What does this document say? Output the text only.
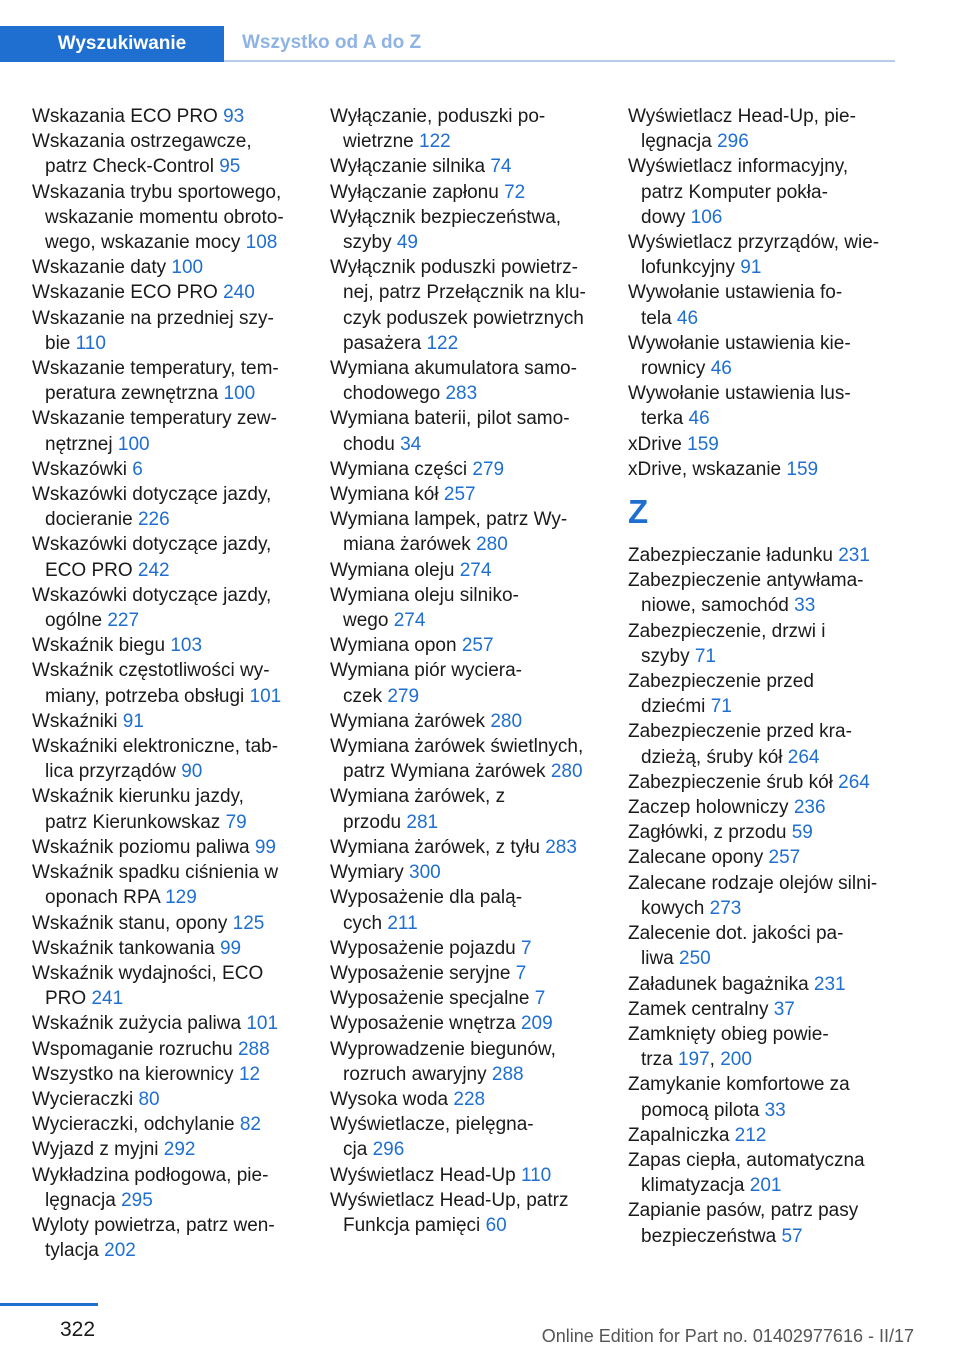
Wyszukiwanie	Wszystko od A do Z

Wskazania ECO PRO 93

Wskazania ostrzegawcze,
patrz Check-Control 95

Wskazania trybu sportowego,
wskazanie momentu obroto-
wego, wskazanie mocy 108

Wskazanie daty 100

Wskazanie ECO PRO 240

Wskazanie na przedniej szy-
bie 110

Wskazanie temperatury, tem-
peratura zewnętrzna 100

Wskazanie temperatury zew-
nętrznej 100

Wskazówki 6

Wskazówki dotyczące jazdy,
docieranie 226

Wskazówki dotyczące jazdy,
ECO PRO 242

Wskazówki dotyczące jazdy,
ogólne 227

Wskaźnik biegu 103

Wskaźnik częstotliwości wy-
miany, potrzeba obsługi 101

Wskaźniki 91

Wskaźniki elektroniczne, tab-
lica przyrządów 90

Wskaźnik kierunku jazdy,
patrz Kierunkowskaz 79

Wskaźnik poziomu paliwa 99

Wskaźnik spadku ciśnienia w
oponach RPA 129

Wskaźnik stanu, opony 125

Wskaźnik tankowania 99

Wskaźnik wydajności, ECO
PRO 241

Wskaźnik zużycia paliwa 101

Wspomaganie rozruchu 288

Wszystko na kierownicy 12

Wycieraczki 80

Wycieraczki, odchylanie 82

Wyjazd z myjni 292

Wykładzina podłogowa, pie-
lęgnacja 295

Wyloty powietrza, patrz wen-
tylacja 202

Wyłączanie, poduszki po-
wietrzne 122

Wyłączanie silnika 74

Wyłączanie zapłonu 72

Wyłącznik bezpieczeństwa,
szyby 49

Wyłącznik poduszki powietrz-
nej, patrz Przełącznik na klu-
czyk poduszek powietrznych
pasażera 122

Wymiana akumulatora samo-
chodowego 283

Wymiana baterii, pilot samo-
chodu 34

Wymiana części 279

Wymiana kół 257

Wymiana lampek, patrz Wy-
miana żarówek 280

Wymiana oleju 274

Wymiana oleju silniko-
wego 274

Wymiana opon 257

Wymiana piór wyciera-
czek 279

Wymiana żarówek 280

Wymiana żarówek świetlnych,
patrz Wymiana żarówek 280

Wymiana żarówek, z
przodu 281

Wymiana żarówek, z tyłu 283

Wymiary 300

Wyposażenie dla palą-
cych 211

Wyposażenie pojazdu 7

Wyposażenie seryjne 7

Wyposażenie specjalne 7

Wyposażenie wnętrza 209

Wyprowadzenie biegunów,
rozruch awaryjny 288

Wysoka woda 228

Wyświetlacze, pielęgna-
cja 296

Wyświetlacz Head-Up 110

Wyświetlacz Head-Up, patrz
Funkcja pamięci 60

Wyświetlacz Head-Up, pie-
lęgnacja 296

Wyświetlacz informacyjny,
patrz Komputer pokła-
dowy 106

Wyświetlacz przyrządów, wie-
lofunkcyjny 91

Wywołanie ustawienia fo-
tela 46

Wywołanie ustawienia kie-
rownicy 46

Wywołanie ustawienia lus-
terka 46

xDrive 159

xDrive, wskazanie 159

Z

Zabezpieczanie ładunku 231

Zabezpieczenie antywłama-
niowe, samochód 33

Zabezpieczenie, drzwi i
szyby 71

Zabezpieczenie przed
dziećmi 71

Zabezpieczenie przed kra-
dzieżą, śruby kół 264

Zabezpieczenie śrub kół 264

Zaczep holowniczy 236

Zagłówki, z przodu 59

Zalecane opony 257

Zalecane rodzaje olejów silni-
kowych 273

Zalecenie dot. jakości pa-
liwa 250

Załadunek bagażnika 231

Zamek centralny 37

Zamknięty obieg powie-
trza 197, 200

Zamykanie komfortowe za
pomocą pilota 33

Zapalniczka 212

Zapas ciepła, automatyczna
klimatyzacja 201

Zapianie pasów, patrz pasy
bezpieczeństwa 57

322	Online Edition for Part no. 01402977616 - II/17
